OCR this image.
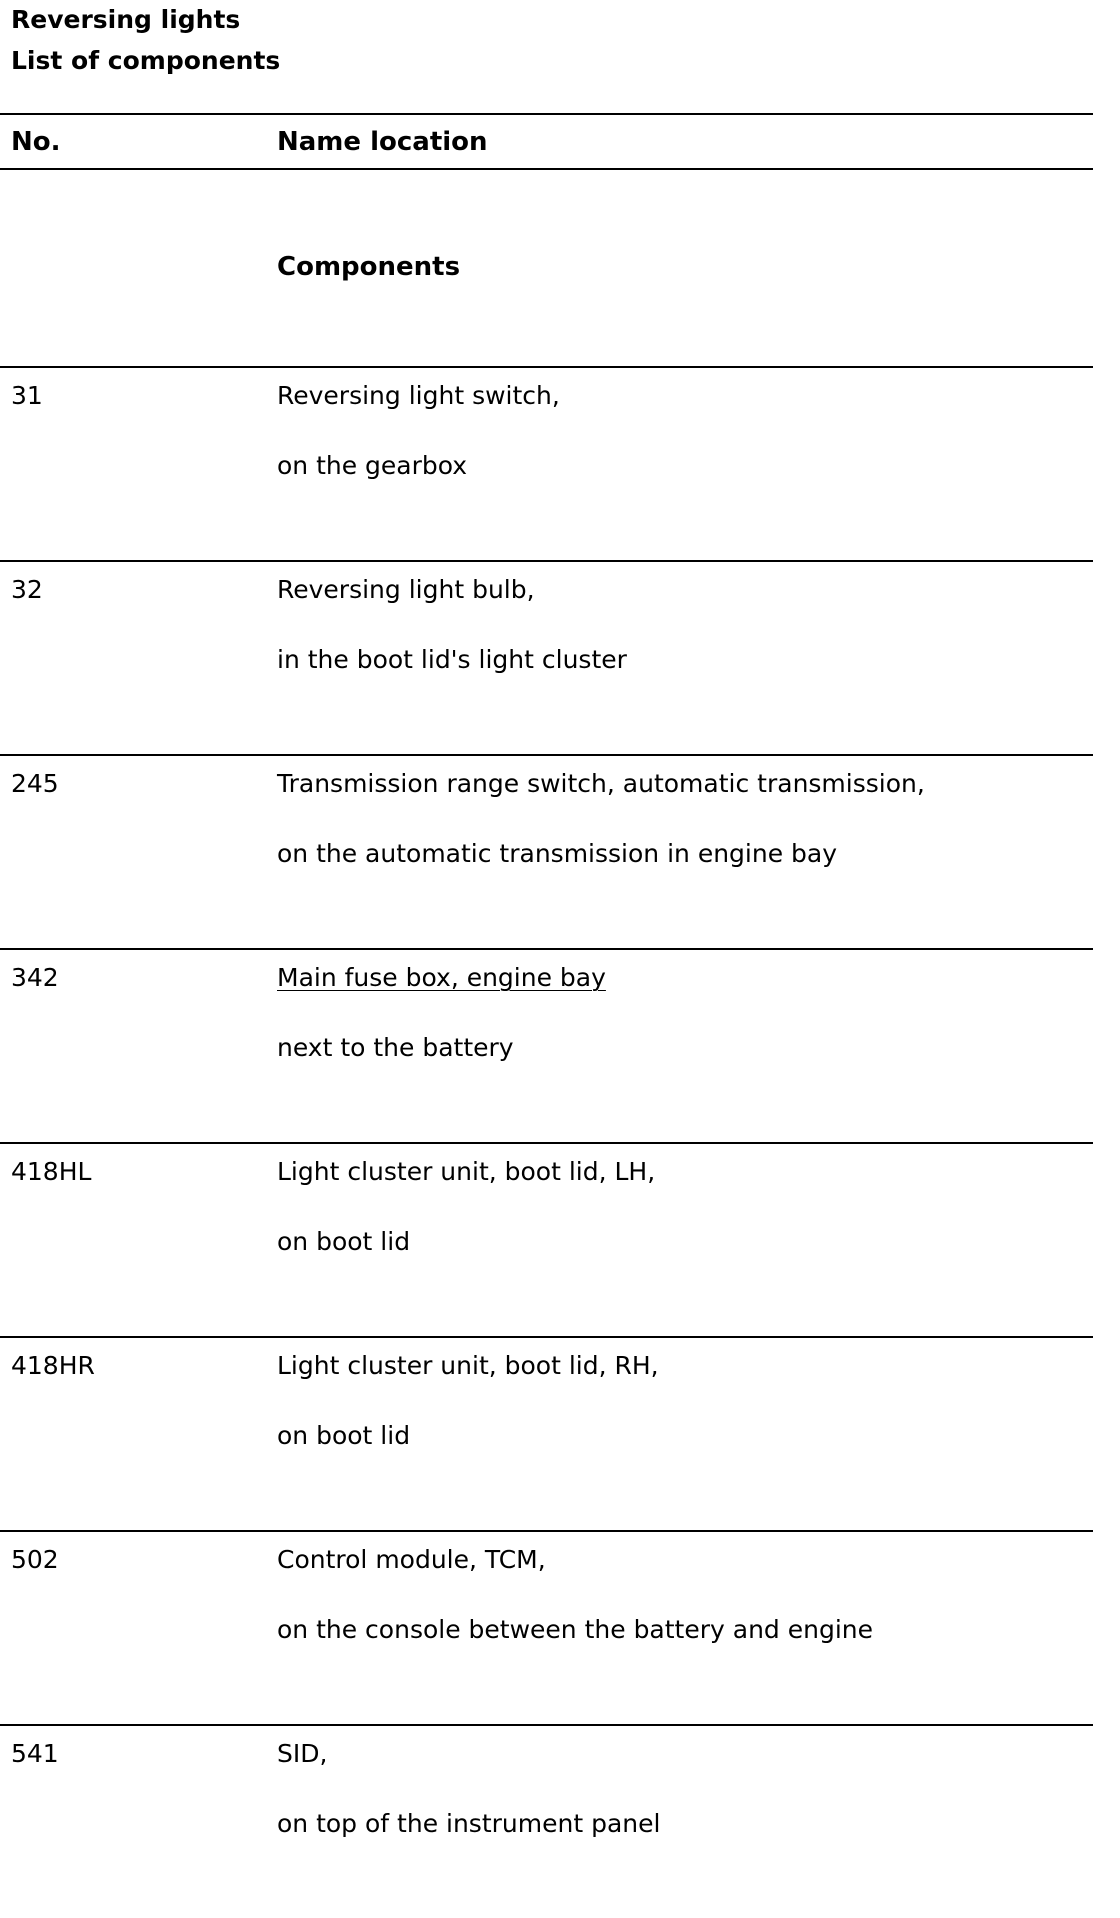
Reversing lights
List of components
No.	Name location
Components
31	Reversing light switch,
on the gearbox
32	Reversing light bulb,
in the boot lid's light cluster
245	Transmission range switch, automatic transmission,
on the automatic transmission in engine bay
342	Main fuse box, engine bay
next to the battery
418HL	Light cluster unit, boot lid, LH,
on boot lid
418HR	Light cluster unit, boot lid, RH,
on boot lid
502	Control module, TCM,
on the console between the battery and engine
541	SID,
on top of the instrument panel
